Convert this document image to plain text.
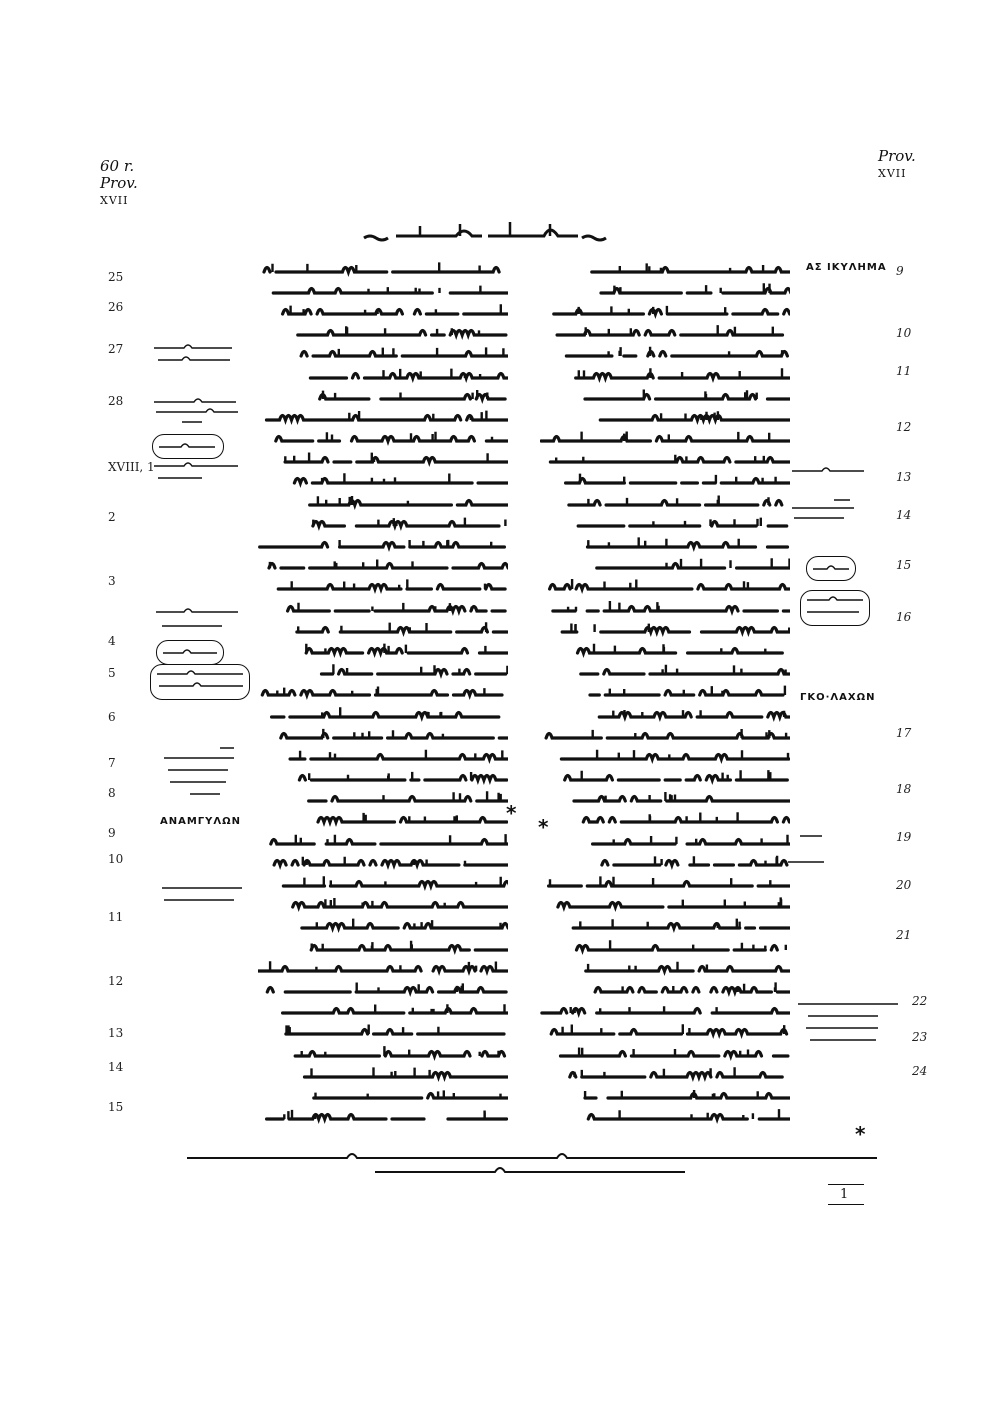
60 r.
Prov.
XVII
Prov.
XVII
25
26
27
28
XVIII, 1
2
3
4
5
6
7
8
9
10
11
12
13
14
15
9
10
11
12
13
14
15
16
17
18
19
20
21
22
23
24
ΑΣ ΙΚΥΛΗΜΑ
ΓΚΟ·ΛΑΧΩΝ
ΑΝΑΜΓΥΛΩΝ	*
*
*
1
